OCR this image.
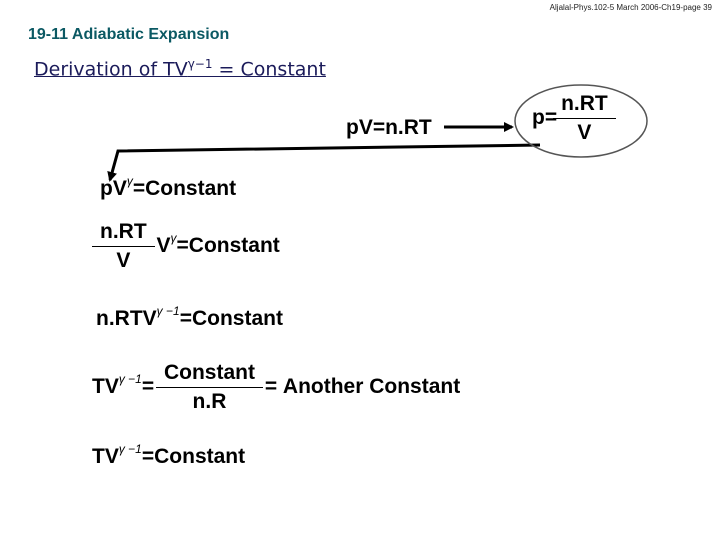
Aljalal-Phys.102-5 March 2006-Ch19-page 39
19-11 Adiabatic Expansion
Derivation of $TV^{\gamma-1}$ = Constant
pV=n.RT	$p= \frac{n.RT}{V}$
$pV^\gamma=Constant$
$\frac{n.RT}{V}$ $V^\gamma=Constant$
$n.RTV^{\gamma -1}=Constant$
$TV^{\gamma -1}= \frac{\text{Constant}}{n.R}$ = Another Constant
$TV^{\gamma -1}=Constant$
